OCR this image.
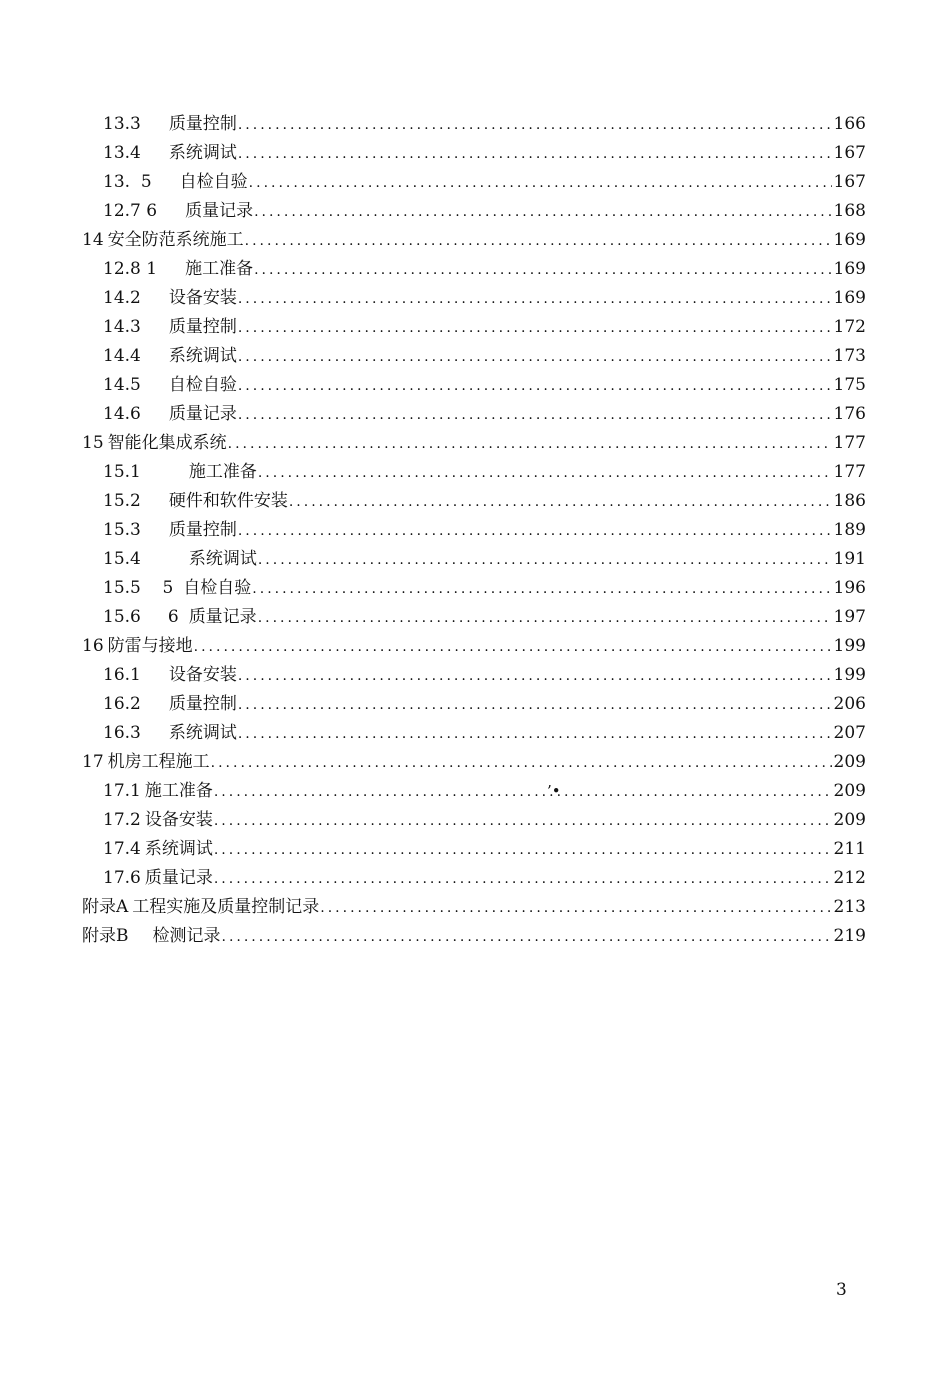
13.3 质量控制 .....	166
13.4 系统调试 .....	167
13.  5 自检自验 .....	167
12.7 6 质量记录 .....	168
14 安全防范系统施工 .....	169
12.8 1 施工准备 .....	169
14.2 设备安装 .....	169
14.3 质量控制 .....	172
14.4 系统调试 .....	173
14.5 自检自验 .....	175
14.6 质量记录 .....	176
15 智能化集成系统 .....	177
15.1	施工准备 .....	177
15.2 硬件和软件安装 .....	186
15.3 质量控制 .....	189
15.4	系统调试 .....	191
15.5    5 自检自验 .....	196
15.6     6 质量记录 .....	197
16 防雷与接地 .....	199
16.1 设备安装 .....	199
16.2 质量控制 .....	206
16.3 系统调试 .....	207
17 机房工程施工 .....	209
17.1 施工准备 .....	’•	209
17.2 设备安装 .....	209
17.4 系统调试 .....	211
17.6 质量记录 .....	212
附录A 工程实施及质量控制记录 .....	213
附录B 检测记录 .....	219
3
